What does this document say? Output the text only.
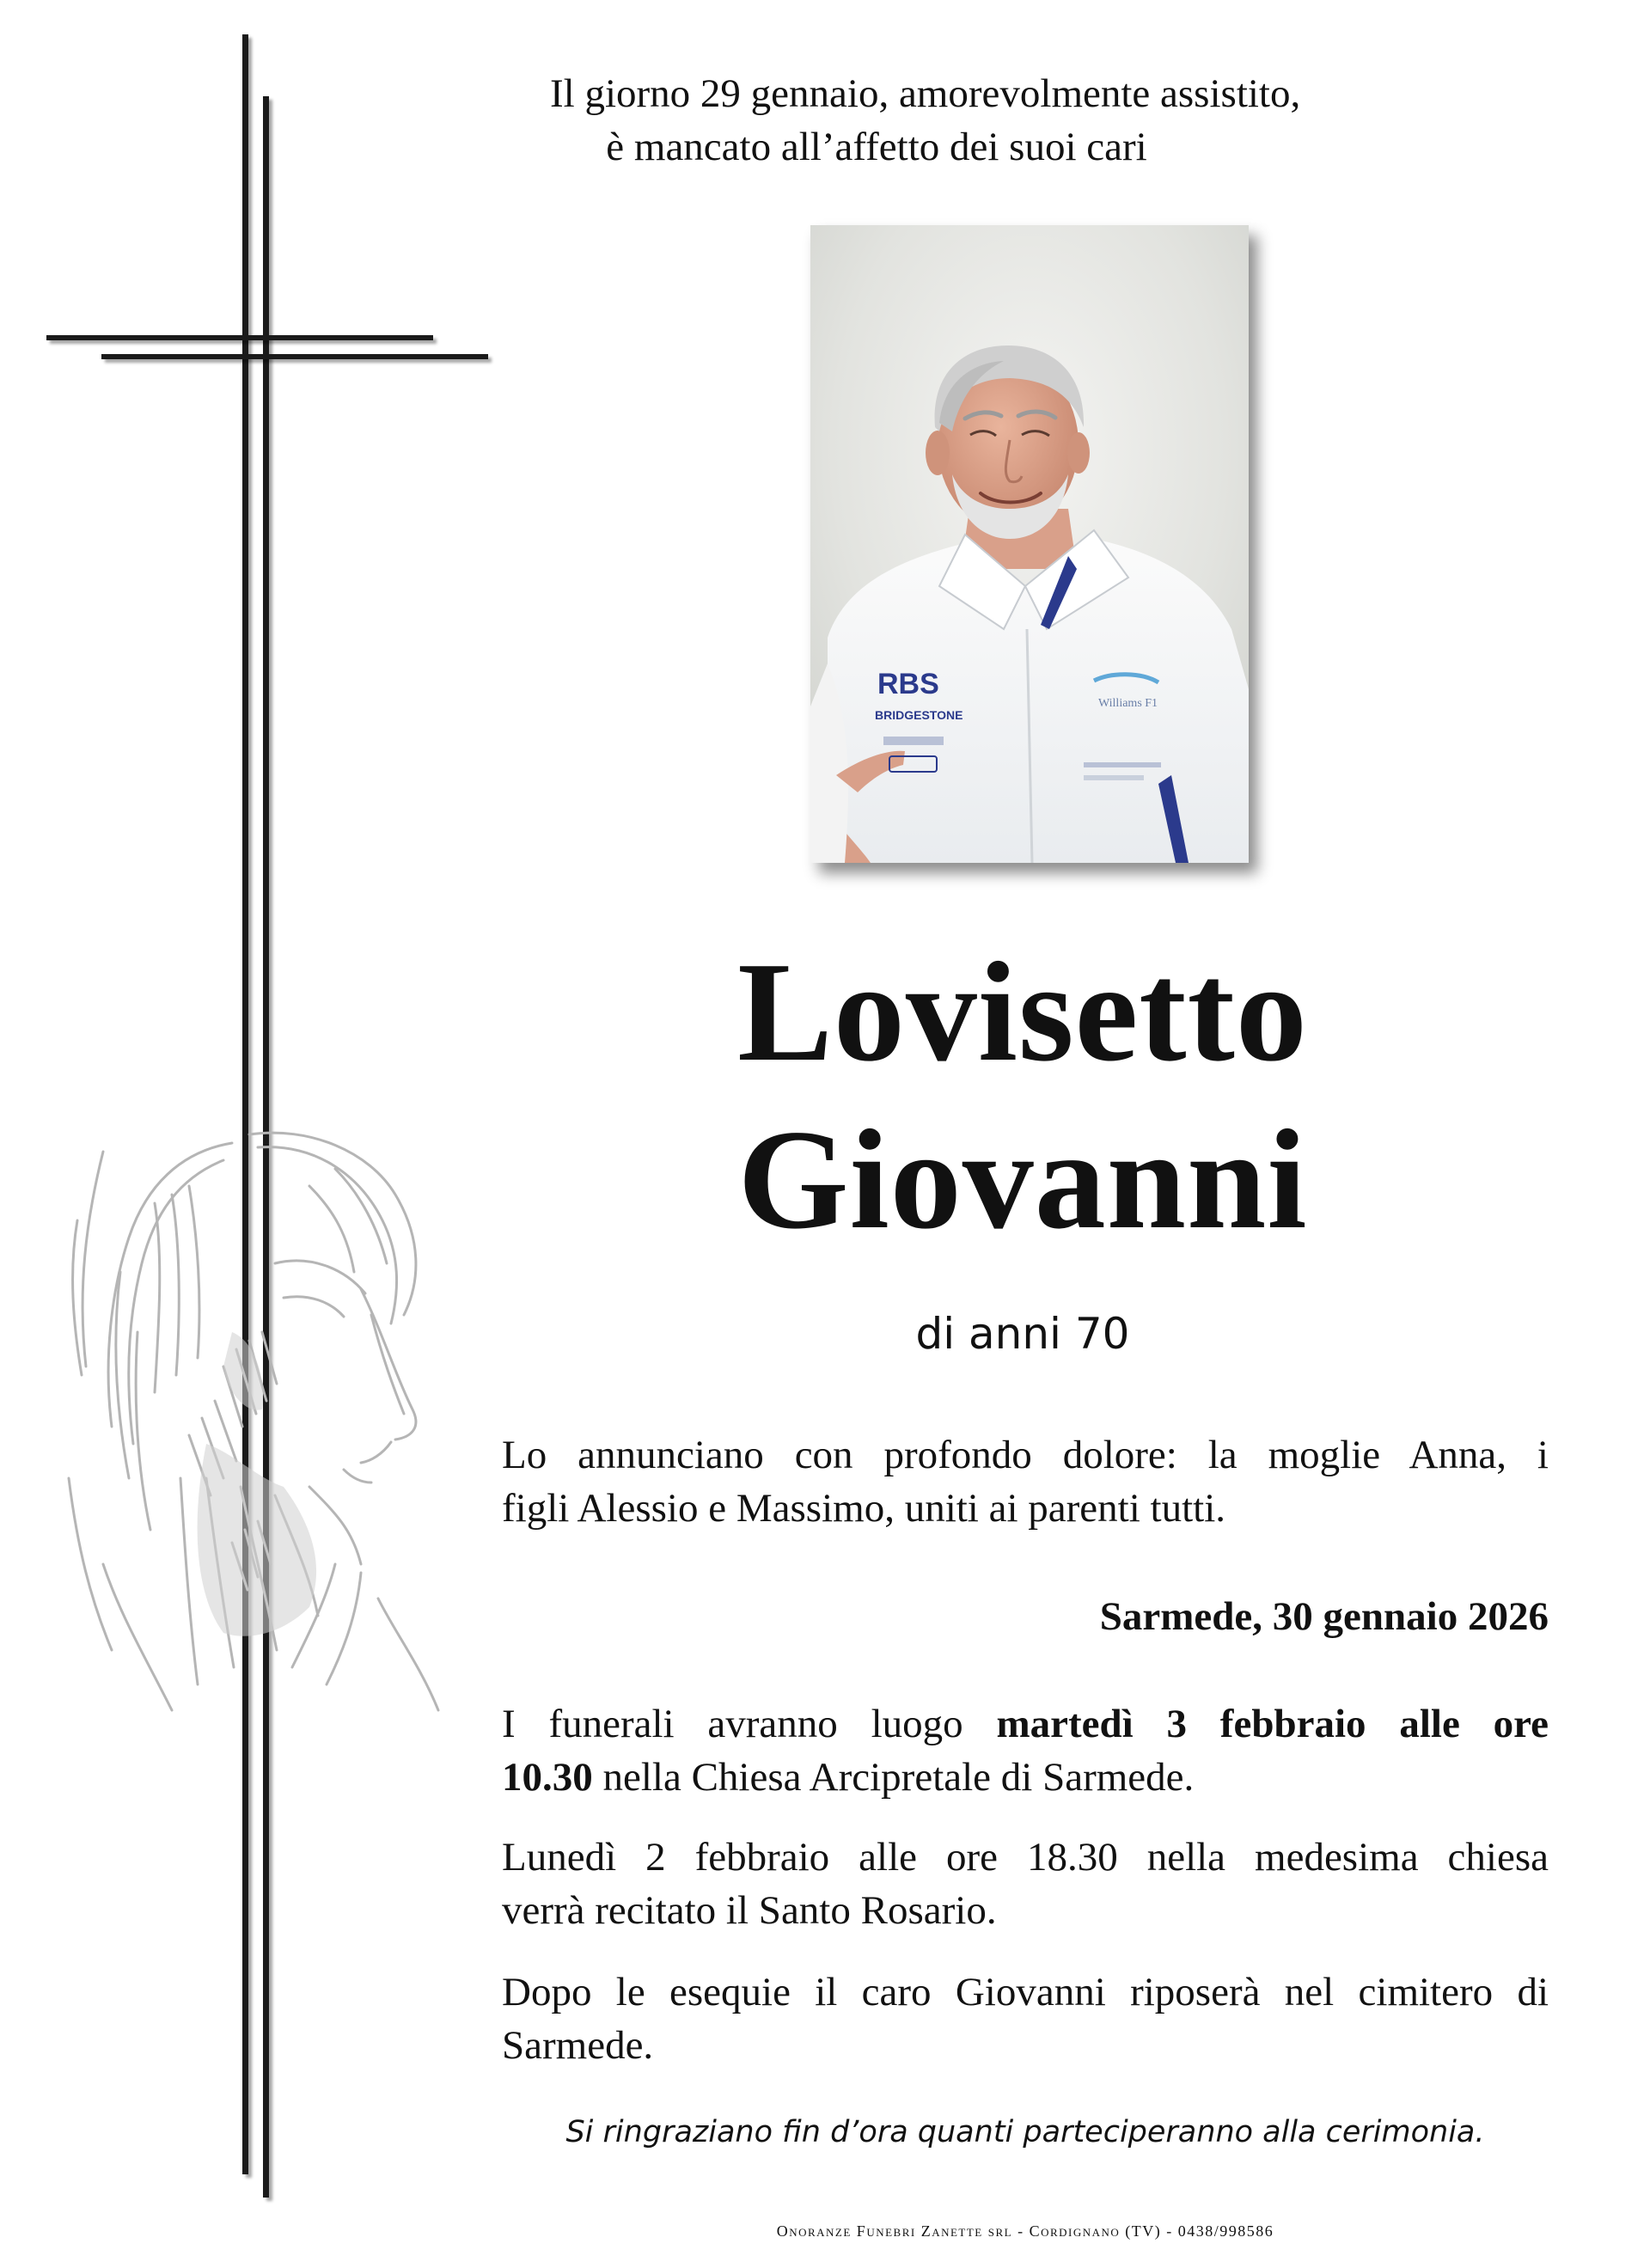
Il giorno 29 gennaio, amorevolmente assistito,
è mancato all’affetto dei suoi cari
RBS
BRIDGESTONE
Williams F1
Lovisetto
Giovanni
di anni 70
Lo annunciano con profondo dolore: la moglie Anna, i
figli Alessio e Massimo, uniti ai parenti tutti.
Sarmede, 30 gennaio 2026
I funerali avranno luogo martedì 3 febbraio alle ore
10.30 nella Chiesa Arcipretale di Sarmede.
Lunedì 2 febbraio alle ore 18.30 nella medesima chiesa
verrà recitato il Santo Rosario.
Dopo le esequie il caro Giovanni riposerà nel cimitero di
Sarmede.
Si ringraziano fin d’ora quanti parteciperanno alla cerimonia.
Onoranze Funebri Zanette srl - Cordignano (TV) - 0438/998586
